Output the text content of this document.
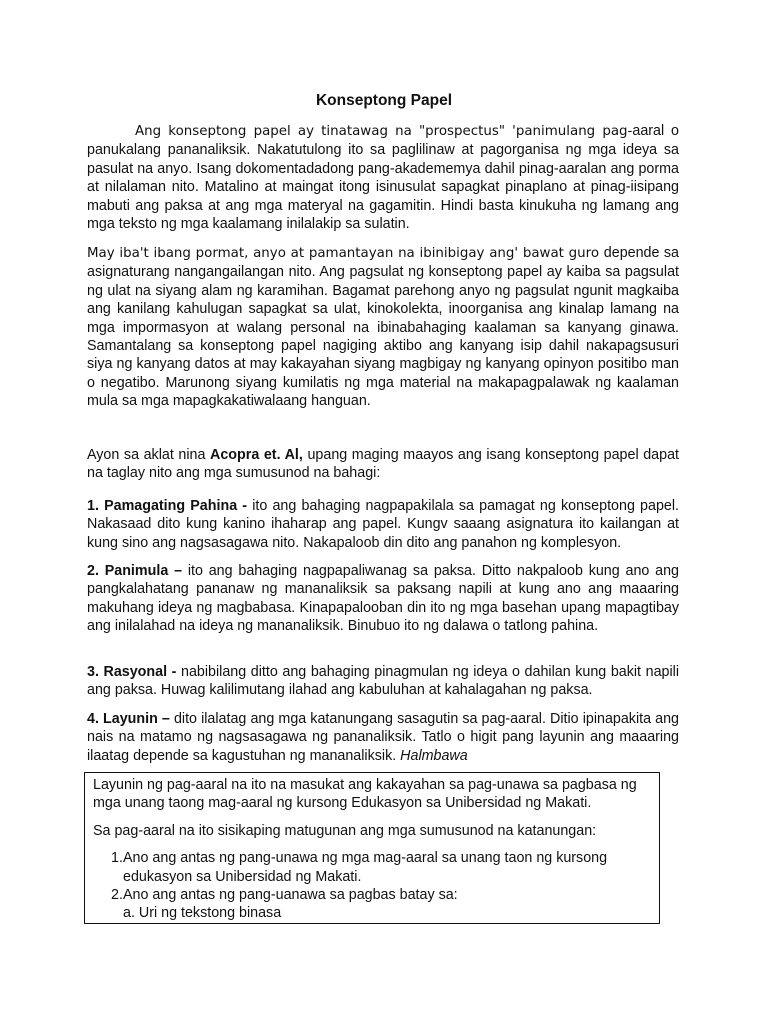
Konseptong Papel

Ang konseptong papel ay tinatawag na "prospectus" 'panimulang pag-aaral o panukalang pananaliksik. Nakatutulong ito sa paglilinaw at pagorganisa ng mga ideya sa pasulat na anyo. Isang dokomentadadong pang-akadememya dahil pinag-aaralan ang porma at nilalaman nito. Matalino at maingat itong isinusulat sapagkat pinaplano at pinag-iisipang mabuti ang paksa at ang mga materyal na gagamitin. Hindi basta kinukuha ng lamang ang mga teksto ng mga kaalamang inilalakip sa sulatin.

May iba't ibang pormat, anyo at pamantayan na ibinibigay ang' bawat guro depende sa asignaturang nangangailangan nito. Ang pagsulat ng konseptong papel ay kaiba sa pagsulat ng ulat na siyang alam ng karamihan. Bagamat parehong anyo ng pagsulat ngunit magkaiba ang kanilang kahulugan sapagkat sa ulat, kinokolekta, inoorganisa ang kinalap lamang na mga impormasyon at walang personal na ibinabahaging kaalaman sa kanyang ginawa. Samantalang sa konseptong papel nagiging aktibo ang kanyang isip dahil nakapagsusuri siya ng kanyang datos at may kakayahan siyang magbigay ng kanyang opinyon positibo man o negatibo. Marunong siyang kumilatis ng mga material na makapagpalawak ng kaalaman mula sa mga mapagkakatiwalaang hanguan.

Ayon sa aklat nina Acopra et. Al, upang maging maayos ang isang konseptong papel dapat na taglay nito ang mga sumusunod na bahagi:

1. Pamagating Pahina - ito ang bahaging nagpapakilala sa pamagat ng konseptong papel. Nakasaad dito kung kanino ihaharap ang papel. Kungv saaang asignatura ito kailangan at kung sino ang nagsasagawa nito. Nakapaloob din dito ang panahon ng komplesyon.

2. Panimula – ito ang bahaging nagpapaliwanag sa paksa. Ditto nakpaloob kung ano ang pangkalahatang pananaw ng mananaliksik sa paksang napili at kung ano ang maaaring makuhang ideya ng magbabasa. Kinapapalooban din ito ng mga basehan upang mapagtibay ang inilalahad na ideya ng mananaliksik. Binubuo ito ng dalawa o tatlong pahina.

3. Rasyonal - nabibilang ditto ang bahaging pinagmulan ng ideya o dahilan kung bakit napili ang paksa. Huwag kalilimutang ilahad ang kabuluhan at kahalagahan ng paksa.

4. Layunin – dito ilalatag ang mga katanungang sasagutin sa pag-aaral. Ditio ipinapakita ang nais na matamo ng nagsasagawa ng pananaliksik. Tatlo o higit pang layunin ang maaaring ilaatag depende sa kagustuhan ng mananaliksik. Halmbawa

Layunin ng pag-aaral na ito na masukat ang kakayahan sa pag-unawa sa pagbasa ng mga unang taong mag-aaral ng kursong Edukasyon sa Unibersidad ng Makati.

Sa pag-aaral na ito sisikaping matugunan ang mga sumusunod na katanungan:

1. Ano ang antas ng pang-unawa ng mga mag-aaral sa unang taon ng kursong edukasyon sa Unibersidad ng Makati.
2. Ano ang antas ng pang-uanawa sa pagbas batay sa:
a. Uri ng tekstong binasa
